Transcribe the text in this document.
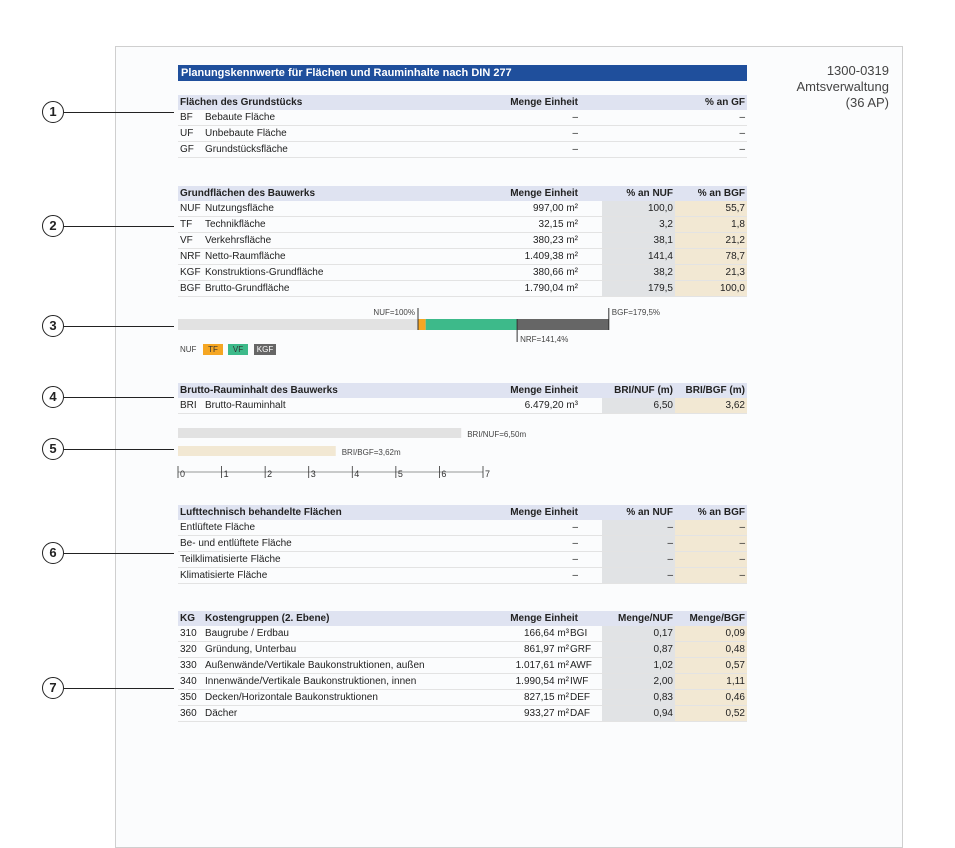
1300-0319
Amtsverwaltung
(36 AP)
Planungskennwerte für Flächen und Rauminhalte nach DIN 277
1
2
3
4
5
6
7
Flächen des Grundstücks	Menge Einheit	% an GF
BF	Bebaute Fläche	–	–
UF	Unbebaute Fläche	–	–
GF	Grundstücksfläche	–	–
Grundflächen des Bauwerks	Menge Einheit	% an NUF	% an BGF
NUF Nutzungsfläche	997,00 m²	100,0	55,7
TF	Technikfläche	32,15 m²	3,2	1,8
VF	Verkehrsfläche	380,23 m²	38,1	21,2
NRF Netto-Raumfläche	1.409,38 m²	141,4	78,7
KGF Konstruktions-Grundfläche	380,66 m²	38,2	21,3
BGF Brutto-Grundfläche	1.790,04 m²	179,5	100,0
NUF=100%	BGF=179,5%
NRF=141,4%
NUF TF VF KGF
Brutto-Rauminhalt des Bauwerks	Menge Einheit	BRI/NUF (m)	BRI/BGF (m)
BRI Brutto-Rauminhalt	6.479,20 m³	6,50	3,62
BRI/NUF=6,50m
BRI/BGF=3,62m
0	1	2	3	4	5	6	7
Lufttechnisch behandelte Flächen	Menge Einheit	% an NUF	% an BGF
Entlüftete Fläche	–	–	–
Be- und entlüftete Fläche	–	–	–
Teilklimatisierte Fläche	–	–	–
Klimatisierte Fläche	–	–	–
KG	Kostengruppen (2. Ebene)	Menge Einheit	Menge/NUF	Menge/BGF
310 Baugrube / Erdbau	166,64 m³ BGI	0,17	0,09
320 Gründung, Unterbau	861,97 m² GRF	0,87	0,48
330 Außenwände/Vertikale Baukonstruktionen, außen	1.017,61 m² AWF	1,02	0,57
340 Innenwände/Vertikale Baukonstruktionen, innen	1.990,54 m² IWF	2,00	1,11
350 Decken/Horizontale Baukonstruktionen	827,15 m² DEF	0,83	0,46
360 Dächer	933,27 m² DAF	0,94	0,52
